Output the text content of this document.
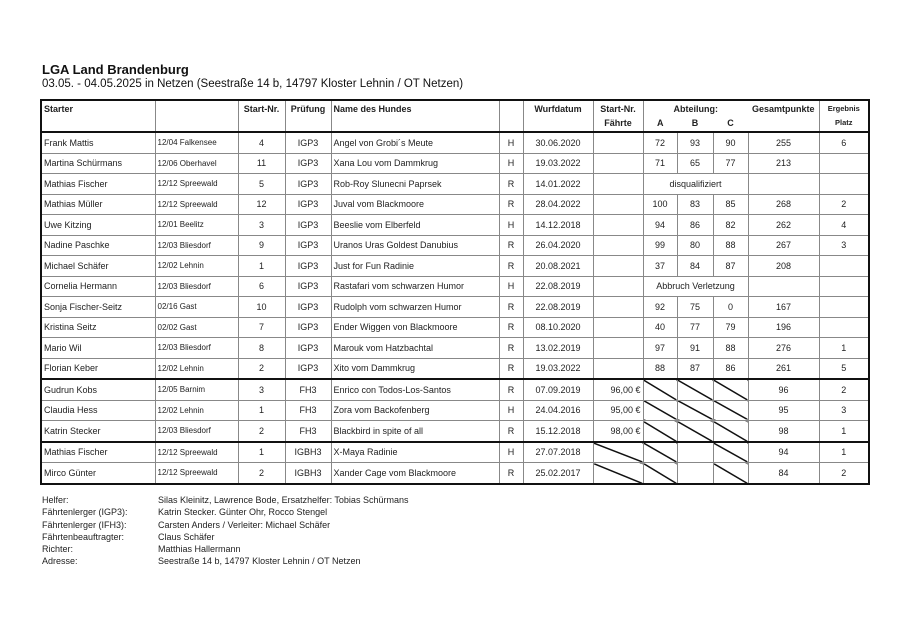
LGA Land Brandenburg
03.05. - 04.05.2025 in Netzen (Seestraße 14 b, 14797 Kloster Lehnin / OT Netzen)
Starter		Start-Nr.	Prüfung	Name des Hundes		Wurfdatum	Start-Nr.	Abteilung:			Gesamtpunkte	Ergebnis
							Fährte	A	B	C		Platz
Frank Mattis	12/04 Falkensee	4	IGP3	Angel von Grobi´s Meute	H	30.06.2020		72	93	90	255	6
Martina Schürmans	12/06 Oberhavel	11	IGP3	Xana Lou vom Dammkrug	H	19.03.2022		71	65	77	213	
Mathias Fischer	12/12 Spreewald	5	IGP3	Rob-Roy Slunecni Paprsek	R	14.01.2022		disqualifiziert				
Mathias Müller	12/12 Spreewald	12	IGP3	Juval vom Blackmoore	R	28.04.2022		100	83	85	268	2
Uwe Kitzing	12/01 Beelitz	3	IGP3	Beeslie vom Elberfeld	H	14.12.2018		94	86	82	262	4
Nadine Paschke	12/03 Bliesdorf	9	IGP3	Uranos Uras Goldest Danubius	R	26.04.2020		99	80	88	267	3
Michael Schäfer	12/02 Lehnin	1	IGP3	Just for Fun Radinie	R	20.08.2021		37	84	87	208	
Cornelia Hermann	12/03 Bliesdorf	6	IGP3	Rastafari vom schwarzen Humor	H	22.08.2019		Abbruch Verletzung				
Sonja Fischer-Seitz	02/16 Gast	10	IGP3	Rudolph vom schwarzen Humor	R	22.08.2019		92	75	0	167	
Kristina Seitz	02/02 Gast	7	IGP3	Ender Wiggen von Blackmoore	R	08.10.2020		40	77	79	196	
Mario Wil	12/03 Bliesdorf	8	IGP3	Marouk vom Hatzbachtal	R	13.02.2019		97	91	88	276	1
Florian Keber	12/02 Lehnin	2	IGP3	Xito vom Dammkrug	R	19.03.2022		88	87	86	261	5
Gudrun Kobs	12/05 Barnim	3	FH3	Enrico con Todos-Los-Santos	R	07.09.2019	96,00 €				96	2
Claudia Hess	12/02 Lehnin	1	FH3	Zora vom Backofenberg	H	24.04.2016	95,00 €				95	3
Katrin Stecker	12/03 Bliesdorf	2	FH3	Blackbird in spite of all	R	15.12.2018	98,00 €				98	1
Mathias Fischer	12/12 Spreewald	1	IGBH3	X-Maya Radinie	H	27.07.2018					94	1
Mirco Günter	12/12 Spreewald	2	IGBH3	Xander Cage vom Blackmoore	R	25.02.2017					84	2
Helfer:	Silas Kleinitz, Lawrence Bode, Ersatzhelfer: Tobias Schürmans
Fährtenlerger (IGP3):	Katrin Stecker. Günter Ohr, Rocco Stengel
Fährtenlerger (IFH3):	Carsten Anders / Verleiter: Michael Schäfer
Fährtenbeauftragter:	Claus Schäfer
Richter:	Matthias Hallermann
Adresse:	Seestraße 14 b, 14797 Kloster Lehnin / OT Netzen
